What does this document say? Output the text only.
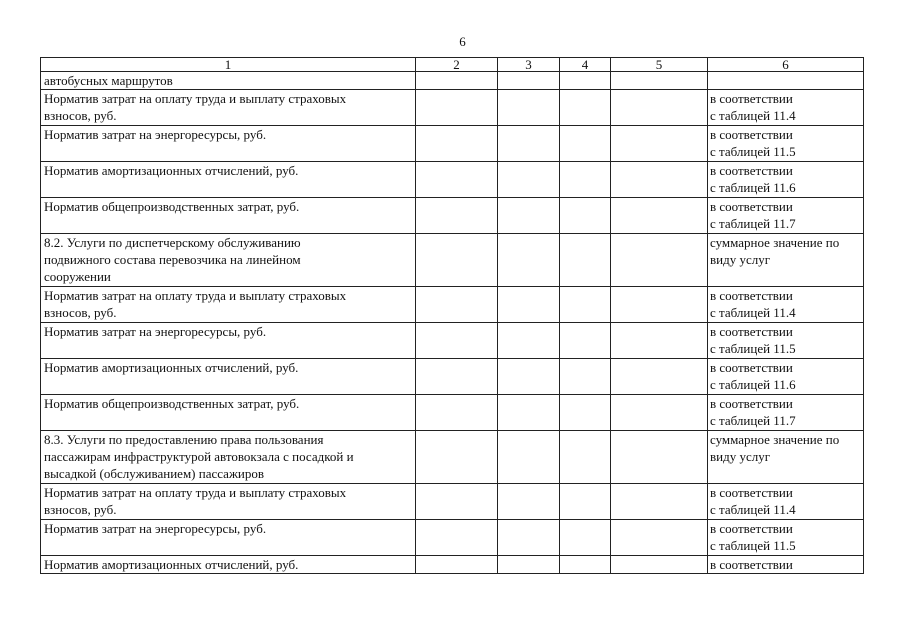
6
1	2	3	4	5	6

автобусных маршрутов					

Норматив затрат на оплату труда и выплату страховых
взносов, руб.					в соответствии
с таблицей 11.4

Норматив затрат на энергоресурсы, руб.					в соответствии
с таблицей 11.5

Норматив амортизационных отчислений, руб.					в соответствии
с таблицей 11.6

Норматив общепроизводственных затрат, руб.					в соответствии
с таблицей 11.7

8.2. Услуги по диспетчерскому обслуживанию
подвижного состава перевозчика на линейном
сооружении					суммарное значение по
виду услуг

Норматив затрат на оплату труда и выплату страховых
взносов, руб.					в соответствии
с таблицей 11.4

Норматив затрат на энергоресурсы, руб.					в соответствии
с таблицей 11.5

Норматив амортизационных отчислений, руб.					в соответствии
с таблицей 11.6

Норматив общепроизводственных затрат, руб.					в соответствии
с таблицей 11.7

8.3. Услуги по предоставлению права пользования
пассажирам инфраструктурой автовокзала с посадкой и
высадкой (обслуживанием) пассажиров					суммарное значение по
виду услуг

Норматив затрат на оплату труда и выплату страховых
взносов, руб.					в соответствии
с таблицей 11.4

Норматив затрат на энергоресурсы, руб.					в соответствии
с таблицей 11.5

Норматив амортизационных отчислений, руб.					в соответствии
